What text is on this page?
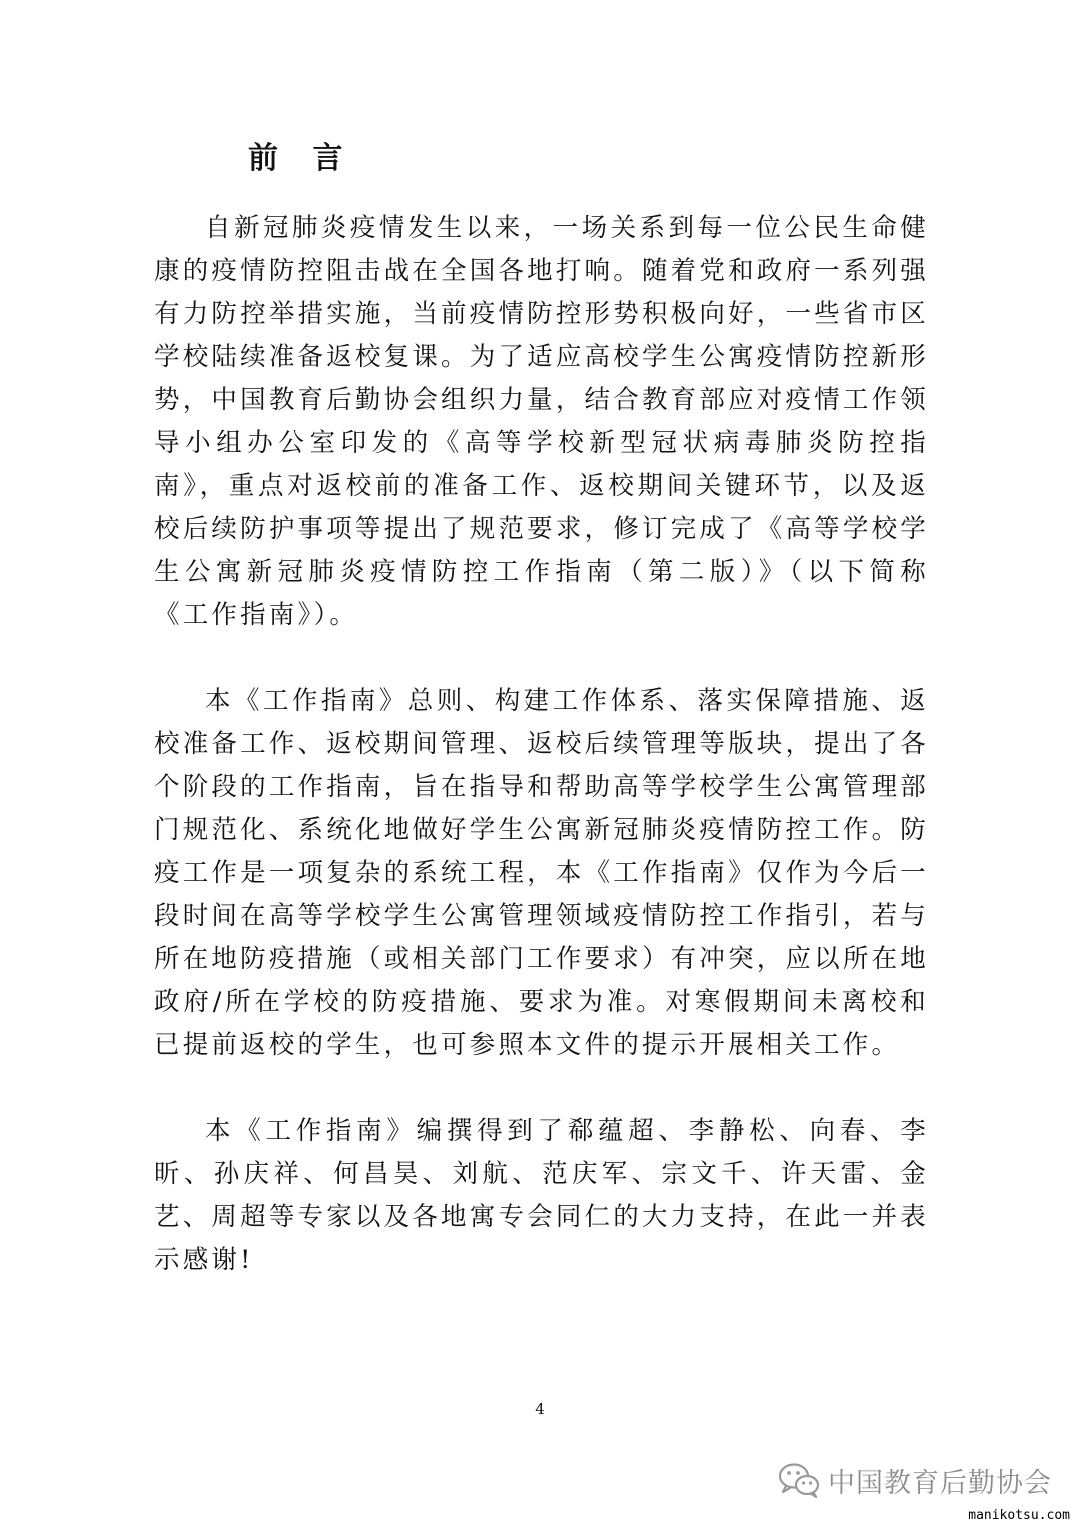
前 言

自新冠肺炎疫情发生以来，一场关系到每一位公民生命健康的疫情防控阻击战在全国各地打响。随着党和政府一系列强有力防控举措实施，当前疫情防控形势积极向好，一些省市区学校陆续准备返校复课。为了适应高校学生公寓疫情防控新形势，中国教育后勤协会组织力量，结合教育部应对疫情工作领导小组办公室印发的《高等学校新型冠状病毒肺炎防控指南》，重点对返校前的准备工作、返校期间关键环节，以及返校后续防护事项等提出了规范要求，修订完成了《高等学校学生公寓新冠肺炎疫情防控工作指南（第二版）》（以下简称《工作指南》）。

本《工作指南》总则、构建工作体系、落实保障措施、返校准备工作、返校期间管理、返校后续管理等版块，提出了各个阶段的工作指南，旨在指导和帮助高等学校学生公寓管理部门规范化、系统化地做好学生公寓新冠肺炎疫情防控工作。防疫工作是一项复杂的系统工程，本《工作指南》仅作为今后一段时间在高等学校学生公寓管理领域疫情防控工作指引，若与所在地防疫措施（或相关部门工作要求）有冲突，应以所在地政府/所在学校的防疫措施、要求为准。对寒假期间未离校和已提前返校的学生，也可参照本文件的提示开展相关工作。

本《工作指南》编撰得到了郗蕴超、李静松、向春、李昕、孙庆祥、何昌昊、刘航、范庆军、宗文千、许天雷、金艺、周超等专家以及各地寓专会同仁的大力支持，在此一并表示感谢!

4
中国教育后勤协会
manikotsu.com
